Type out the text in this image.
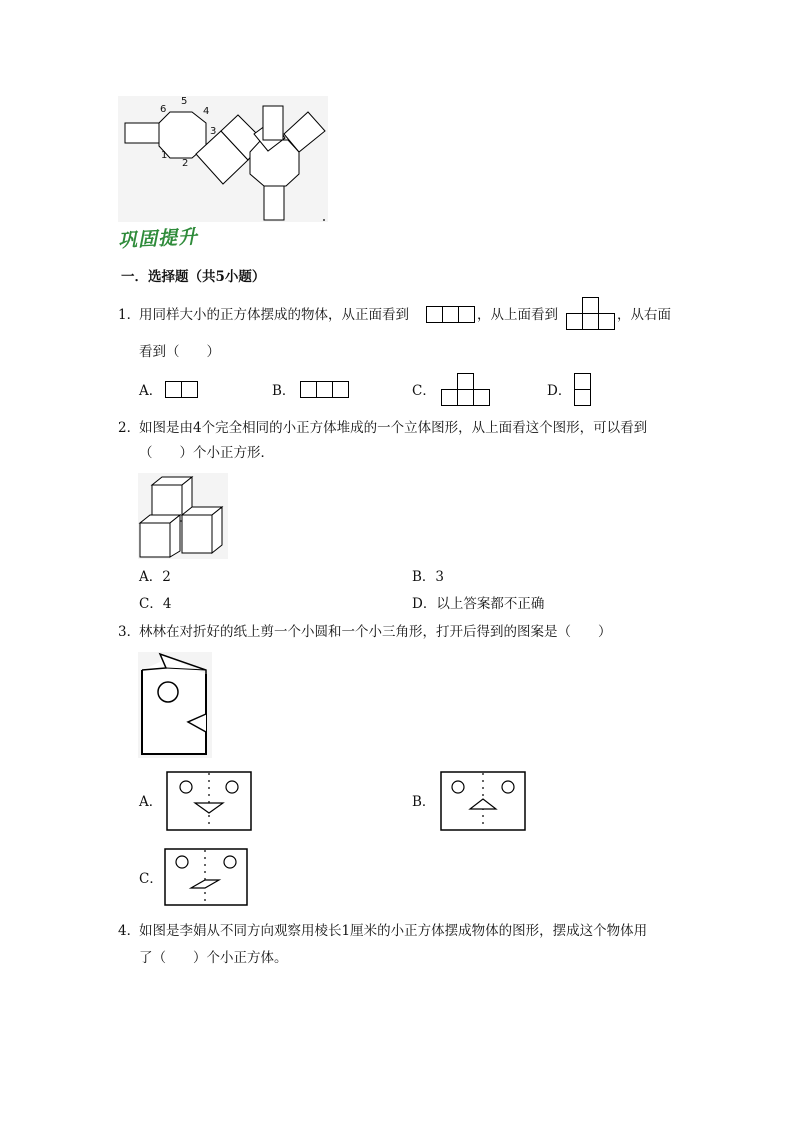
6
5
4
3
1
2
巩固提升
一．选择题（共5小题）
1．
用同样大小的正方体摆成的物体，从正面看到	，从上面看到	，从右面
看到（　　）
A．	B．	C．	D．
2．
如图是由4个完全相同的小正方体堆成的一个立体图形，从上面看这个图形，可以看到
（　　）个小正方形．
A．2	B．3
C．4	D．以上答案都不正确
3．
林林在对折好的纸上剪一个小圆和一个小三角形，打开后得到的图案是（　　）
A．	B．
C．
4．
如图是李娟从不同方向观察用棱长1厘米的小正方体摆成物体的图形，摆成这个物体用
了（　　）个小正方体。
